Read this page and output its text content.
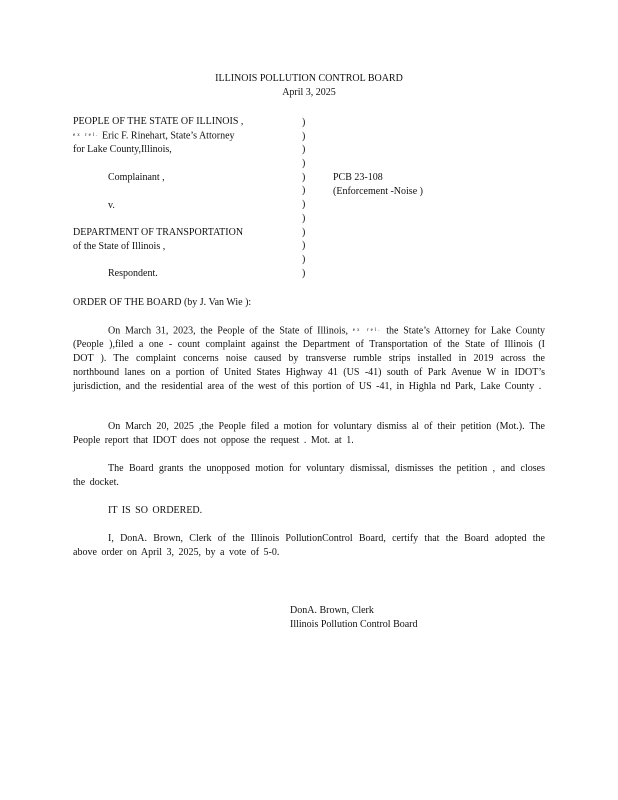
ILLINOIS POLLUTION CONTROL BOARD
April 3, 2025
PEOPLE OF THE STATE OF ILLINOIS ,
ex rel. Eric F. Rinehart, State’s Attorney
for Lake County,Illinois,
Complainant ,
v.
DEPARTMENT OF TRANSPORTATION
of the State of Illinois ,
Respondent.
)
)
)
)
)
)
)
)
)
)
)
)
PCB 23-108
(Enforcement -Noise )
ORDER OF THE BOARD (by J. Van Wie ):
On March 31, 2023, the People of the State of Illinois, ex rel. the State’s Attorney for Lake County (People ),filed a one - count complaint against the Department of Transportation of the State of Illinois (I DOT ). The complaint concerns noise caused by transverse rumble strips installed in 2019 across the northbound lanes on a portion of United States Highway 41 (US -41) south of Park Avenue W in IDOT’s jurisdiction, and the residential area of the west of this portion of US -41, in Highla nd Park, Lake County .
On March 20, 2025 ,the People filed a motion for voluntary dismiss al of their petition (Mot.). The People report that IDOT does not oppose the request . Mot. at 1.
The Board grants the unopposed motion for voluntary dismissal, dismisses the petition , and closes the docket.
IT IS SO ORDERED.
I, DonA. Brown, Clerk of the Illinois PollutionControl Board, certify that the Board adopted the above order on April 3, 2025, by a vote of 5-0.
DonA. Brown, Clerk
Illinois Pollution Control Board
